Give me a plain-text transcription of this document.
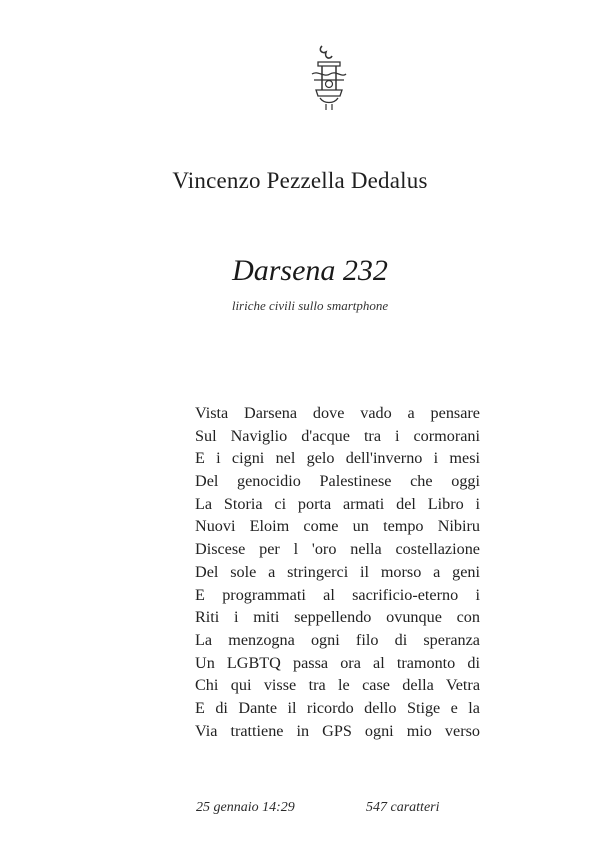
Vincenzo Pezzella Dedalus
Darsena 232
liriche civili sullo smartphone
Vista Darsena dove vado a pensare
Sul Naviglio d'acque tra i cormorani
E i cigni nel gelo dell'inverno i mesi
Del genocidio Palestinese che oggi
La Storia ci porta armati del Libro i
Nuovi Eloim come un tempo Nibiru
Discese per l 'oro nella costellazione
Del sole a stringerci il morso a geni
E programmati al sacrificio-eterno i
Riti i miti seppellendo ovunque con
La menzogna ogni filo di speranza
Un LGBTQ passa ora al tramonto di
Chi qui visse tra le case della Vetra
E di Dante il ricordo dello Stige e la
Via trattiene in GPS ogni mio verso
25 gennaio 14:29	547 caratteri
